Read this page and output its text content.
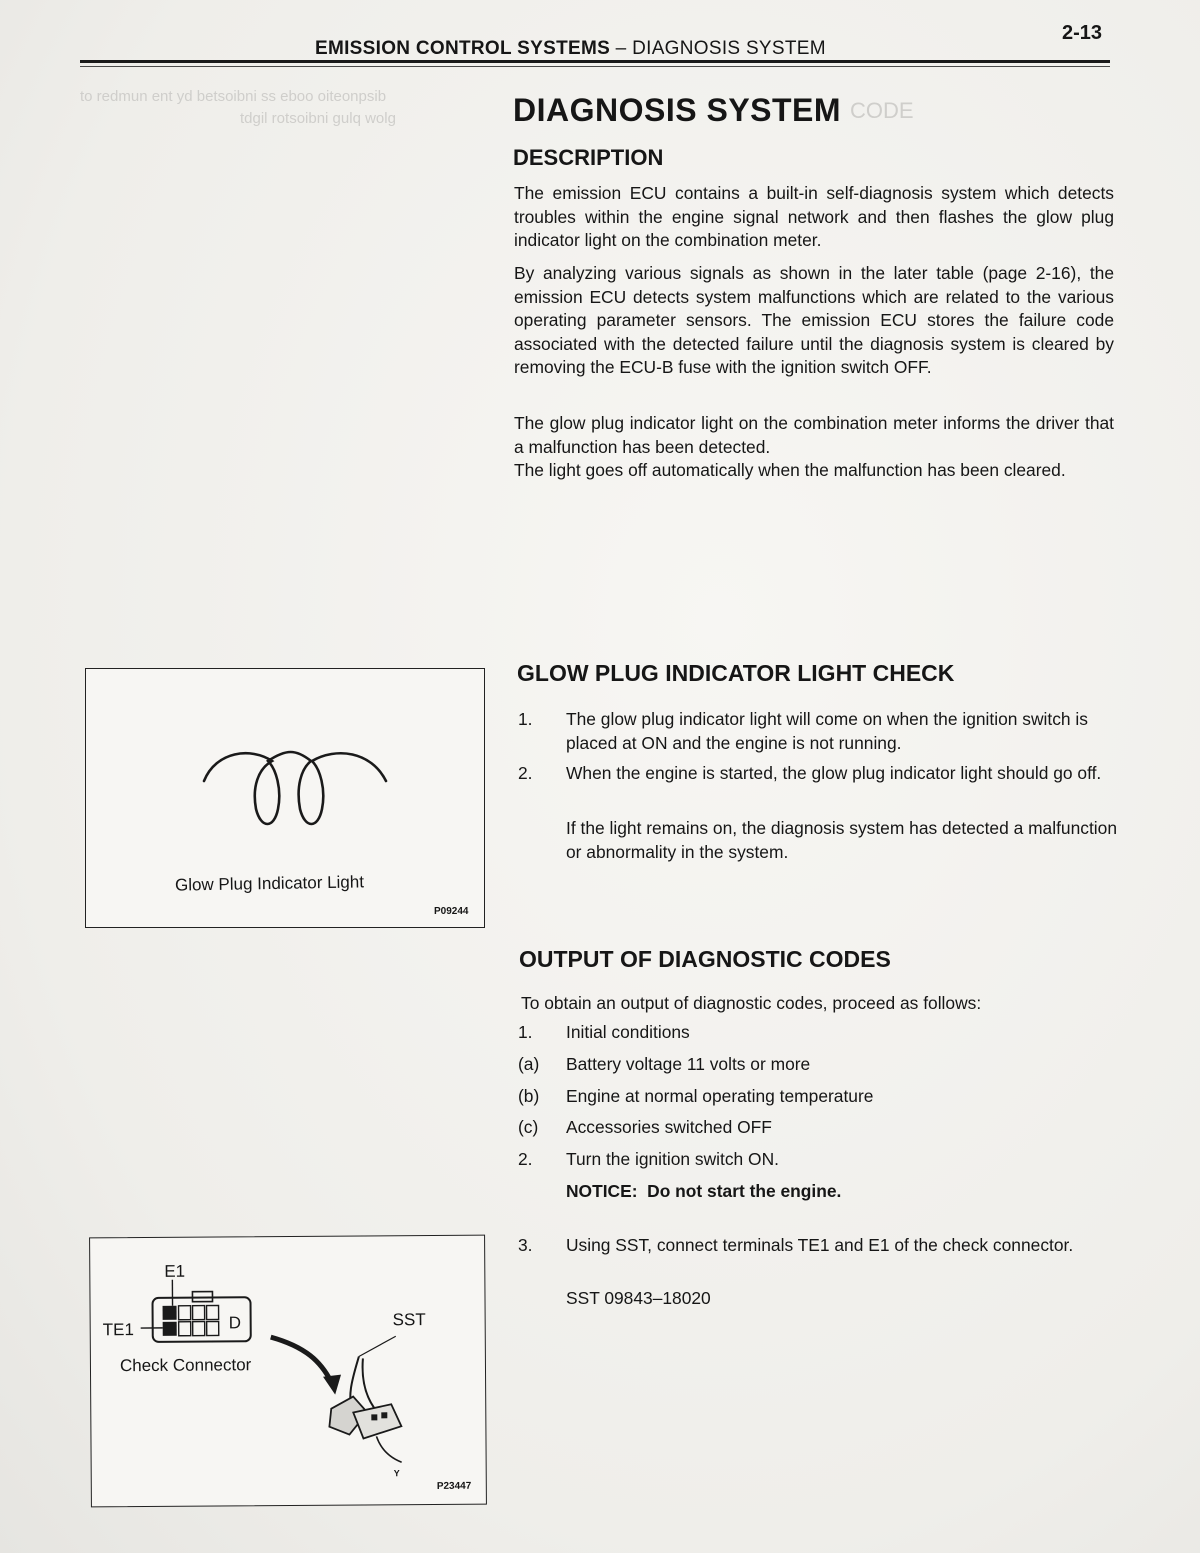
to redmun ent yd betsoibni ss eboo oiteonpsib
tdgil rotsoibni gulq wolg	CODE
2-13
EMISSION CONTROL SYSTEMS – DIAGNOSIS SYSTEM
DIAGNOSIS SYSTEM
DESCRIPTION
The emission ECU contains a built-in self-diagnosis system which detects troubles within the engine signal network and then flashes the glow plug indicator light on the combination meter.
By analyzing various signals as shown in the later table (page 2-16), the emission ECU detects system malfunctions which are related to the various operating parameter sensors. The emission ECU stores the failure code associated with the detected failure until the diagnosis system is cleared by removing the ECU-B fuse with the ignition switch OFF.
The glow plug indicator light on the combination meter informs the driver that a malfunction has been detected.
The light goes off automatically when the malfunction has been cleared.
GLOW PLUG INDICATOR LIGHT CHECK
1. The glow plug indicator light will come on when the ignition switch is placed at ON and the engine is not running.
2. When the engine is started, the glow plug indicator light should go off.
If the light remains on, the diagnosis system has detected a malfunction or abnormality in the system.
OUTPUT OF DIAGNOSTIC CODES
To obtain an output of diagnostic codes, proceed as follows:
1. Initial conditions
(a) Battery voltage 11 volts or more
(b) Engine at normal operating temperature
(c) Accessories switched OFF
2. Turn the ignition switch ON.
NOTICE: Do not start the engine.
3. Using SST, connect terminals TE1 and E1 of the check connector.
SST 09843–18020
Glow Plug Indicator Light
P09244
E1
TE1	D	SST
Check Connector
Y
P23447
